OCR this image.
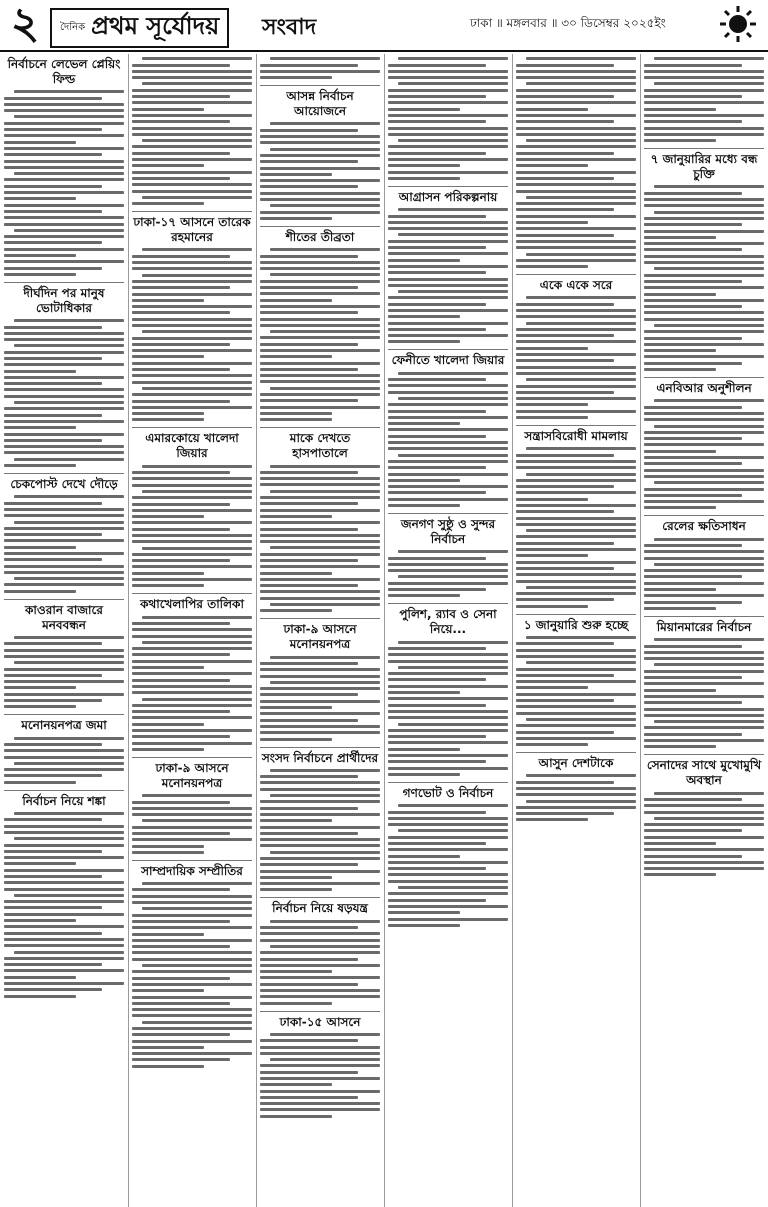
২	দৈনিক প্রথম সূর্যোদয় সংবাদ	ঢাকা ॥ মঙ্গলবার ॥ ৩০ ডিসেম্বর ২০২৫ইং
নির্বাচনে লেভেল প্লেয়িং ফিল্ড
দীর্ঘদিন পর মানুষ ভোটাধিকার
চেকপোস্ট দেখে দৌড়ে
কাওরান বাজারে মনববন্ধন
মনোনয়নপত্র জমা
নির্বাচন নিয়ে শঙ্কা
ঢাকা-১৭ আসনে তারেক রহমানের
এমারকোয়ে খালেদা জিয়ার
কথাখেলাপির তালিকা
ঢাকা-৯ আসনে মনোনয়নপত্র
সাম্প্রদায়িক সম্প্রীতির
আসন্ন নির্বাচন আয়োজনে
শীতের তীব্রতা
মাকে দেখতে হাসপাতালে
ঢাকা-৯ আসনে মনোনয়নপত্র
সংসদ নির্বাচনে প্রার্থীদের
নির্বাচন নিয়ে ষড়যন্ত্র
ঢাকা-১৫ আসনে
আগ্রাসন পরিকল্পনায়
ফেনীতে খালেদা জিয়ার
জনগণ সুষ্ঠু ও সুন্দর নির্বাচন
পুলিশ, র‌্যাব ও সেনা নিয়ে...
গণভোট ও নির্বাচন
একে একে সরে
সন্ত্রাসবিরোধী মামলায়
১ জানুয়ারি শুরু হচ্ছে
আসুন দেশটাকে
৭ জানুয়ারির মধ্যে বন্ধ চুক্তি
এনবিআর অনুশীলন
রেলের ক্ষতিসাধন
মিয়ানমারের নির্বাচন
সেনাদের সাথে মুখোমুখি অবস্থান
